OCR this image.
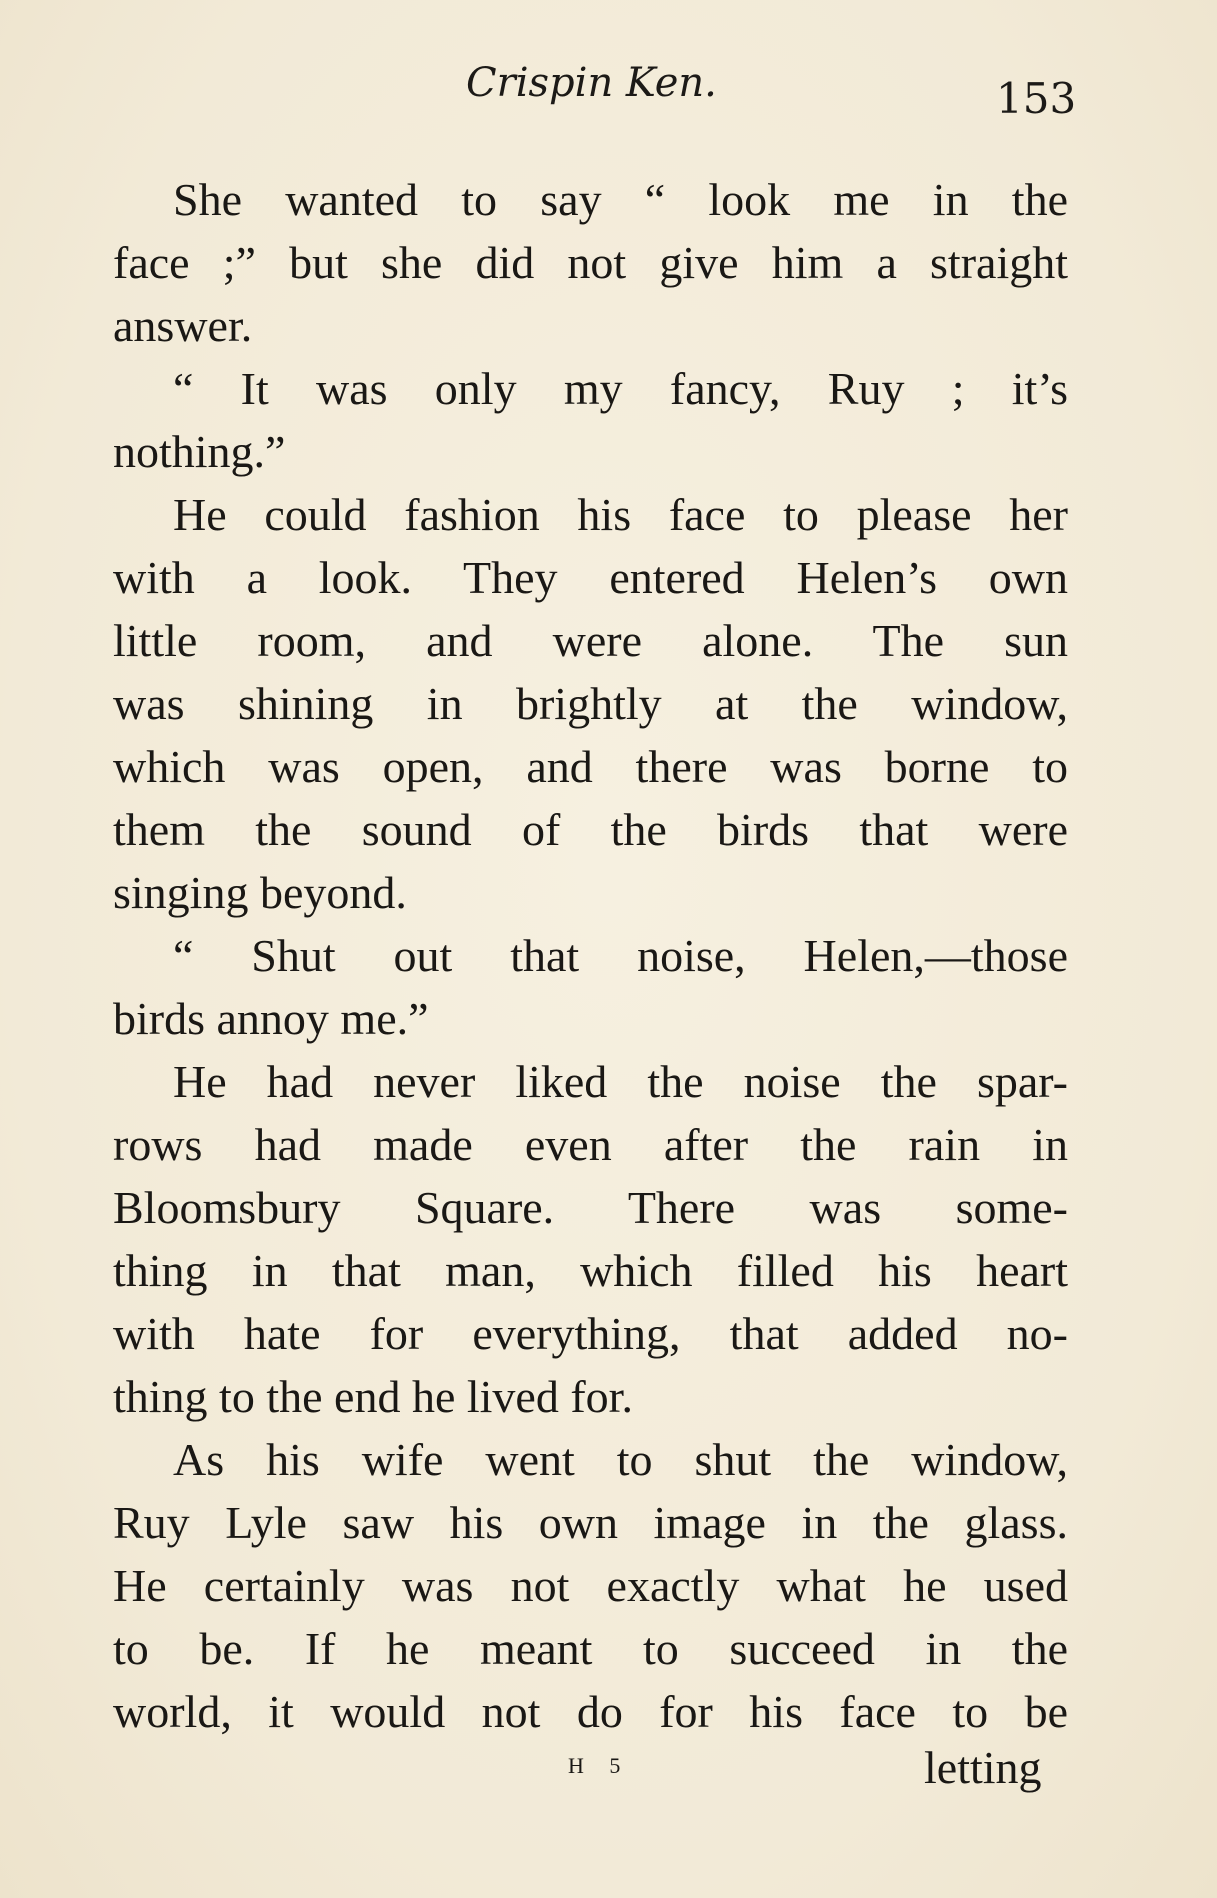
Crispin Ken.	153
She wanted to say “ look me in the
face ;” but she did not give him a straight
answer.
“ It was only my fancy, Ruy ; it’s
nothing.”
He could fashion his face to please her
with a look. They entered Helen’s own
little room, and were alone. The sun
was shining in brightly at the window,
which was open, and there was borne to
them the sound of the birds that were
singing beyond.
“ Shut out that noise, Helen,—those
birds annoy me.”
He had never liked the noise the spar-
rows had made even after the rain in
Bloomsbury Square. There was some-
thing in that man, which filled his heart
with hate for everything, that added no-
thing to the end he lived for.
As his wife went to shut the window,
Ruy Lyle saw his own image in the glass.
He certainly was not exactly what he used
to be. If he meant to succeed in the
world, it would not do for his face to be
H 5	letting
